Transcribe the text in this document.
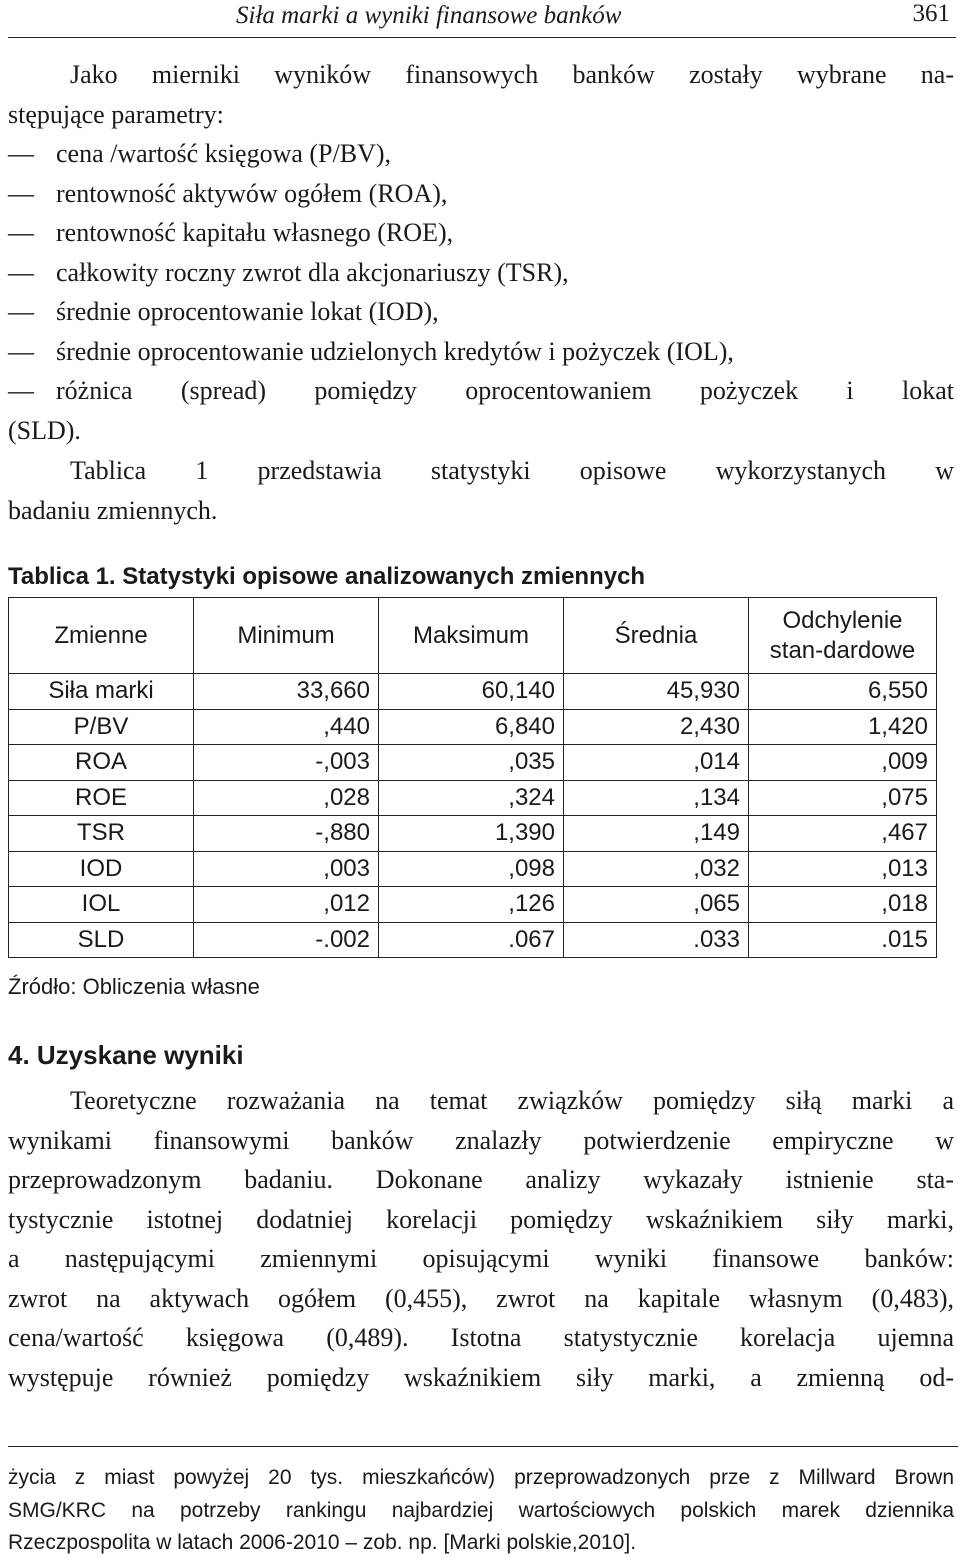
Siła marki a wyniki finansowe banków	361
Jako mierniki wyników finansowych banków zostały wybrane na-
stępujące parametry:
— cena /wartość księgowa (P/BV),
— rentowność aktywów ogółem (ROA),
— rentowność kapitału własnego (ROE),
— całkowity roczny zwrot dla akcjonariuszy (TSR),
— średnie oprocentowanie lokat (IOD),
— średnie oprocentowanie udzielonych kredytów i pożyczek (IOL),
— różnica (spread) pomiędzy oprocentowaniem pożyczek i lokat
(SLD).
Tablica 1 przedstawia statystyki opisowe wykorzystanych w
badaniu zmiennych.
Tablica 1. Statystyki opisowe analizowanych zmiennych
Zmienne	Minimum	Maksimum	Średnia	Odchylenie stan-dardowe
Siła marki	33,660	60,140	45,930	6,550
P/BV	,440	6,840	2,430	1,420
ROA	-,003	,035	,014	,009
ROE	,028	,324	,134	,075
TSR	-,880	1,390	,149	,467
IOD	,003	,098	,032	,013
IOL	,012	,126	,065	,018
SLD	-.002	.067	.033	.015
Źródło: Obliczenia własne
4. Uzyskane wyniki
Teoretyczne rozważania na temat związków pomiędzy siłą marki a
wynikami finansowymi banków znalazły potwierdzenie empiryczne w
przeprowadzonym badaniu. Dokonane analizy wykazały istnienie sta-
tystycznie istotnej dodatniej korelacji pomiędzy wskaźnikiem siły marki,
a następującymi zmiennymi opisującymi wyniki finansowe banków:
zwrot na aktywach ogółem (0,455), zwrot na kapitale własnym (0,483),
cena/wartość księgowa (0,489). Istotna statystycznie korelacja ujemna
występuje również pomiędzy wskaźnikiem siły marki, a zmienną od-
życia z miast powyżej 20 tys. mieszkańców) przeprowadzonych prze z Millward Brown
SMG/KRC na potrzeby rankingu najbardziej wartościowych polskich marek dziennika
Rzeczpospolita w latach 2006-2010 – zob. np. [Marki polskie,2010].
